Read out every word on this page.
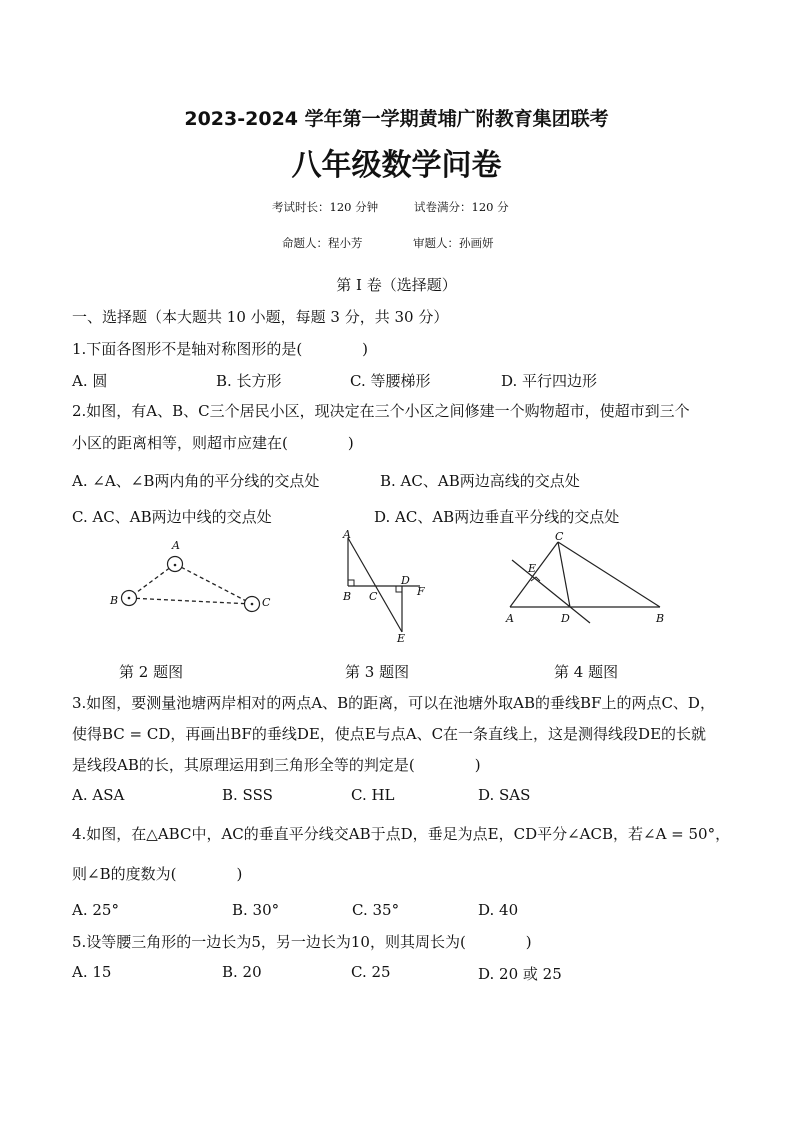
2023-2024 学年第一学期黄埔广附教育集团联考
八年级数学问卷
考试时长：120 分钟	试卷满分：120 分
命题人：程小芳	审题人：孙画妍
第 I 卷（选择题）
一、选择题（本大题共 10 小题，每题 3 分，共 30 分）
1.下面各图形不是轴对称图形的是(　　　　)
A. 圆	B. 长方形	C. 等腰梯形	D. 平行四边形
2.如图，有A、B、C三个居民小区，现决定在三个小区之间修建一个购物超市，使超市到三个
小区的距离相等，则超市应建在(　　　　)
A. ∠A、∠B两内角的平分线的交点处	B. AC、AB两边高线的交点处
C. AC、AB两边中线的交点处	D. AC、AB两边垂直平分线的交点处
A
B	C
第 2 题图
A
B C
D
F
E
第 3 题图
C
E
A	D	B
第 4 题图
3.如图，要测量池塘两岸相对的两点A、B的距离，可以在池塘外取AB的垂线BF上的两点C、D，
使得BC = CD，再画出BF的垂线DE，使点E与点A、C在一条直线上，这是测得线段DE的长就
是线段AB的长，其原理运用到三角形全等的判定是(　　　　)
A. ASA	B. SSS	C. HL	D. SAS
4.如图，在△ABC中，AC的垂直平分线交AB于点D，垂足为点E，CD平分∠ACB，若∠A = 50°，
则∠B的度数为(　　　　)
A. 25°	B. 30°	C. 35°	D. 40
5.设等腰三角形的一边长为5，另一边长为10，则其周长为(　　　　)
A. 15	B. 20	C. 25	D. 20 或 25
